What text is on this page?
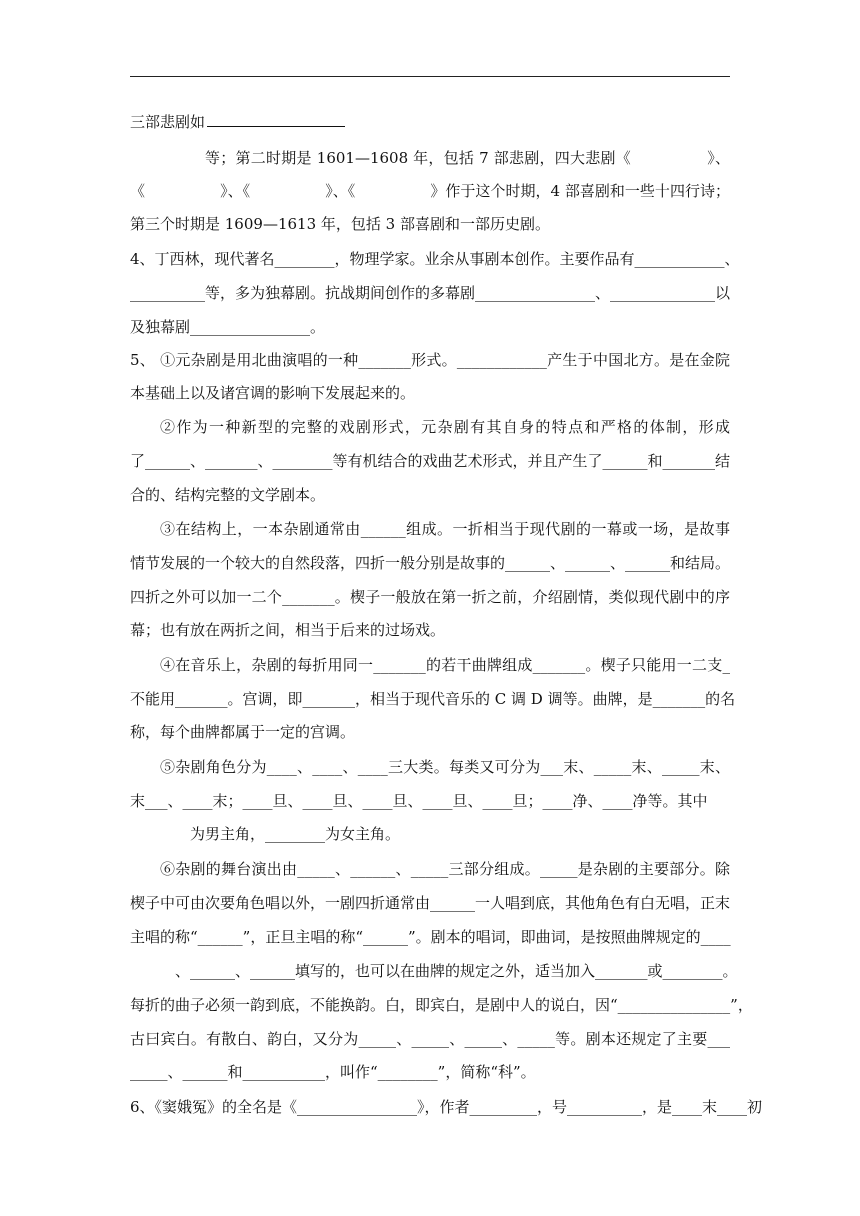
三部悲剧如
等；第二时期是 1601—1608 年，包括 7 部悲剧，四大悲剧《　　　　　》、
《　　　　　》、《　　　　　》、《　　　　　》作于这个时期，4 部喜剧和一些十四行诗；
第三个时期是 1609—1613 年，包括 3 部喜剧和一部历史剧。
4、丁西林，现代著名________，物理学家。业余从事剧本创作。主要作品有____________、
__________等，多为独幕剧。抗战期间创作的多幕剧________________、______________以
及独幕剧________________。
5、 ①元杂剧是用北曲演唱的一种_______形式。____________产生于中国北方。是在金院
本基础上以及诸宫调的影响下发展起来的。
②作为一种新型的完整的戏剧形式，元杂剧有其自身的特点和严格的体制，形成
了______、_______、________等有机结合的戏曲艺术形式，并且产生了______和_______结
合的、结构完整的文学剧本。
③在结构上，一本杂剧通常由______组成。一折相当于现代剧的一幕或一场，是故事
情节发展的一个较大的自然段落，四折一般分别是故事的______、______、______和结局。
四折之外可以加一二个_______。楔子一般放在第一折之前，介绍剧情，类似现代剧中的序
幕；也有放在两折之间，相当于后来的过场戏。
④在音乐上，杂剧的每折用同一_______的若干曲牌组成_______。楔子只能用一二支_
不能用_______。宫调，即_______，相当于现代音乐的 C 调 D 调等。曲牌，是_______的名
称，每个曲牌都属于一定的宫调。
⑤杂剧角色分为____、____、____三大类。每类又可分为___末、_____末、_____末、
末___、____末；____旦、____旦、____旦、____旦、____旦；____净、____净等。其中
为男主角，________为女主角。
⑥杂剧的舞台演出由_____、______、_____三部分组成。_____是杂剧的主要部分。除
楔子中可由次要角色唱以外，一剧四折通常由______一人唱到底，其他角色有白无唱，正末
主唱的称“______”，正旦主唱的称“______”。剧本的唱词，即曲词，是按照曲牌规定的____
、______、______填写的，也可以在曲牌的规定之外，适当加入_______或________。
每折的曲子必须一韵到底，不能换韵。白，即宾白，是剧中人的说白，因“_______________”，
古曰宾白。有散白、韵白，又分为_____、_____、_____、_____等。剧本还规定了主要___
_____、______和___________，叫作“________”，简称“科”。
6、《窦娥冤》的全名是《________________》，作者_________，号__________，是____末____初
